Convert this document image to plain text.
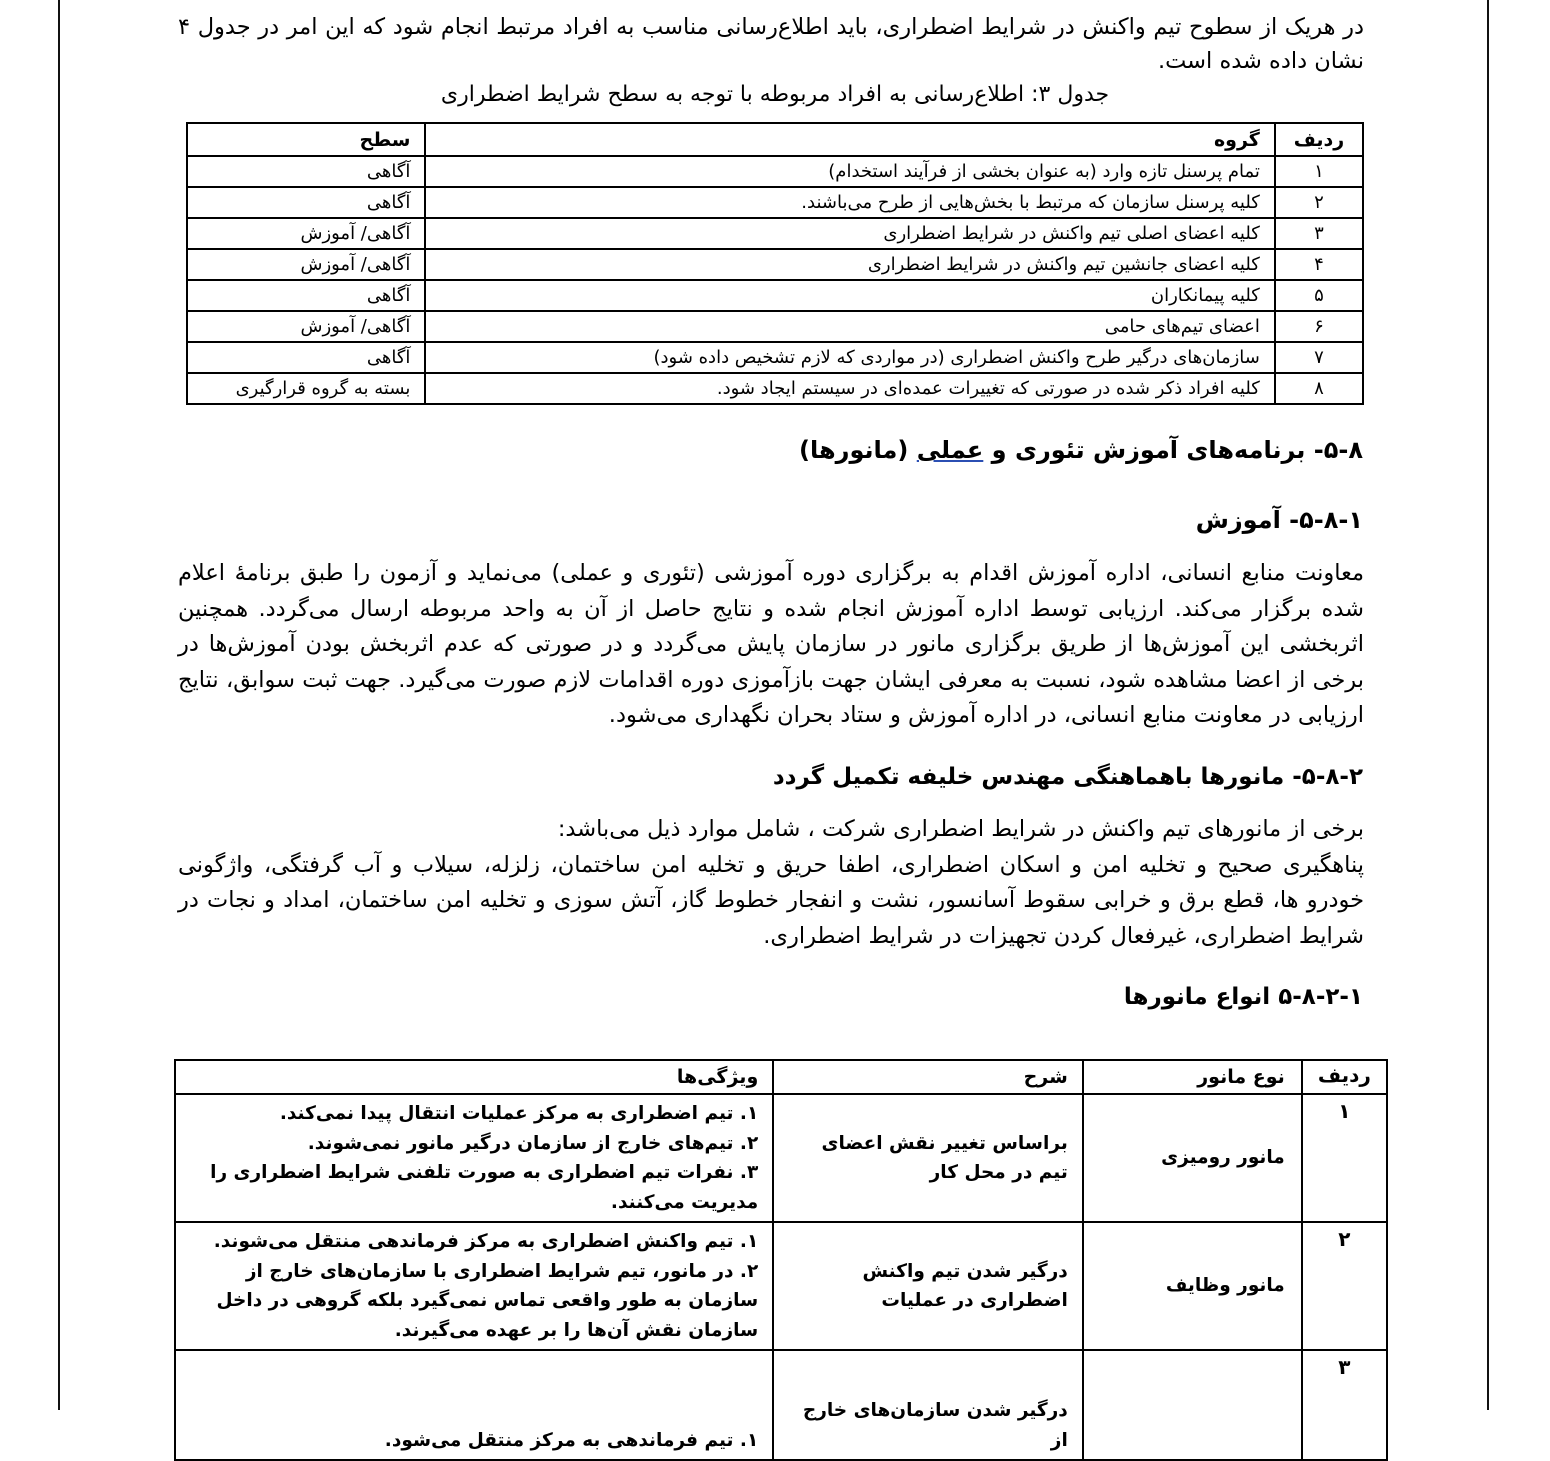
در هریک از سطوح تیم واکنش در شرایط اضطراری، باید اطلاع‌رسانی مناسب به افراد مرتبط انجام شود که این امر در جدول ۴ نشان داده شده است.
جدول ۳: اطلاع‌رسانی به افراد مربوطه با توجه به سطح شرایط اضطراری
ردیف	گروه	سطح
۱	تمام پرسنل تازه وارد (به عنوان بخشی از فرآیند استخدام)	آگاهی
۲	کلیه پرسنل سازمان که مرتبط با بخش‌هایی از طرح می‌باشند.	آگاهی
۳	کلیه اعضای اصلی تیم واکنش در شرایط اضطراری	آگاهی/ آموزش
۴	کلیه اعضای جانشین تیم واکنش در شرایط اضطراری	آگاهی/ آموزش
۵	کلیه پیمانکاران	آگاهی
۶	اعضای تیم‌های حامی	آگاهی/ آموزش
۷	سازمان‌های درگیر طرح واکنش اضطراری (در مواردی که لازم تشخیص داده شود)	آگاهی
۸	کلیه افراد ذکر شده در صورتی که تغییرات عمده‌ای در سیستم ایجاد شود.	بسته به گروه قرارگیری
۵-۸- برنامه‌های آموزش تئوری و عملی (مانورها)
۵-۸-۱- آموزش
معاونت منابع انسانی، اداره آموزش اقدام به برگزاری دوره آموزشی (تئوری و عملی) می‌نماید و آزمون را طبق برنامهٔ اعلام شده برگزار می‌کند. ارزیابی توسط اداره آموزش انجام شده و نتایج حاصل از آن به واحد مربوطه ارسال می‌گردد. همچنین اثربخشی این آموزش‌ها از طریق برگزاری مانور در سازمان پایش می‌گردد و در صورتی که عدم اثربخش بودن آموزش‌ها در برخی از اعضا مشاهده شود، نسبت به معرفی ایشان جهت بازآموزی دوره اقدامات لازم صورت می‌گیرد. جهت ثبت سوابق، نتایج ارزیابی در معاونت منابع انسانی، در اداره آموزش و ستاد بحران نگهداری می‌شود.
۵-۸-۲- مانورها باهماهنگی مهندس خلیفه تکمیل گردد
برخی از مانورهای تیم واکنش در شرایط اضطراری شرکت ، شامل موارد ذیل می‌باشد:
پناهگیری صحیح و تخلیه امن و اسکان اضطراری، اطفا حریق و تخلیه امن ساختمان، زلزله، سیلاب و آب گرفتگی، واژگونی خودرو ها، قطع برق و خرابی سقوط آسانسور، نشت و انفجار خطوط گاز، آتش سوزی و تخلیه امن ساختمان، امداد و نجات در شرایط اضطراری، غیرفعال کردن تجهیزات در شرایط اضطراری.
۵-۸-۲-۱ انواع مانورها
ردیف	نوع مانور	شرح	ویژگی‌ها
۱	مانور رومیزی	براساس تغییر نقش اعضای تیم در محل کار	۱. تیم اضطراری به مرکز عملیات انتقال پیدا نمی‌کند.
۲. تیم‌های خارج از سازمان درگیر مانور نمی‌شوند.
۳. نفرات تیم اضطراری به صورت تلفنی شرایط اضطراری را مدیریت می‌کنند.

۲	مانور وظایف	درگیر شدن تیم واکنش اضطراری در عملیات	۱. تیم واکنش اضطراری به مرکز فرماندهی منتقل می‌شوند.
۲. در مانور، تیم شرایط اضطراری با سازمان‌های خارج از سازمان به طور واقعی تماس نمی‌گیرد بلکه گروهی در داخل سازمان نقش آن‌ها را بر عهده می‌گیرند.

۳		درگیر شدن سازمان‌های خارج از	۱. تیم فرماندهی به مرکز منتقل می‌شود.
